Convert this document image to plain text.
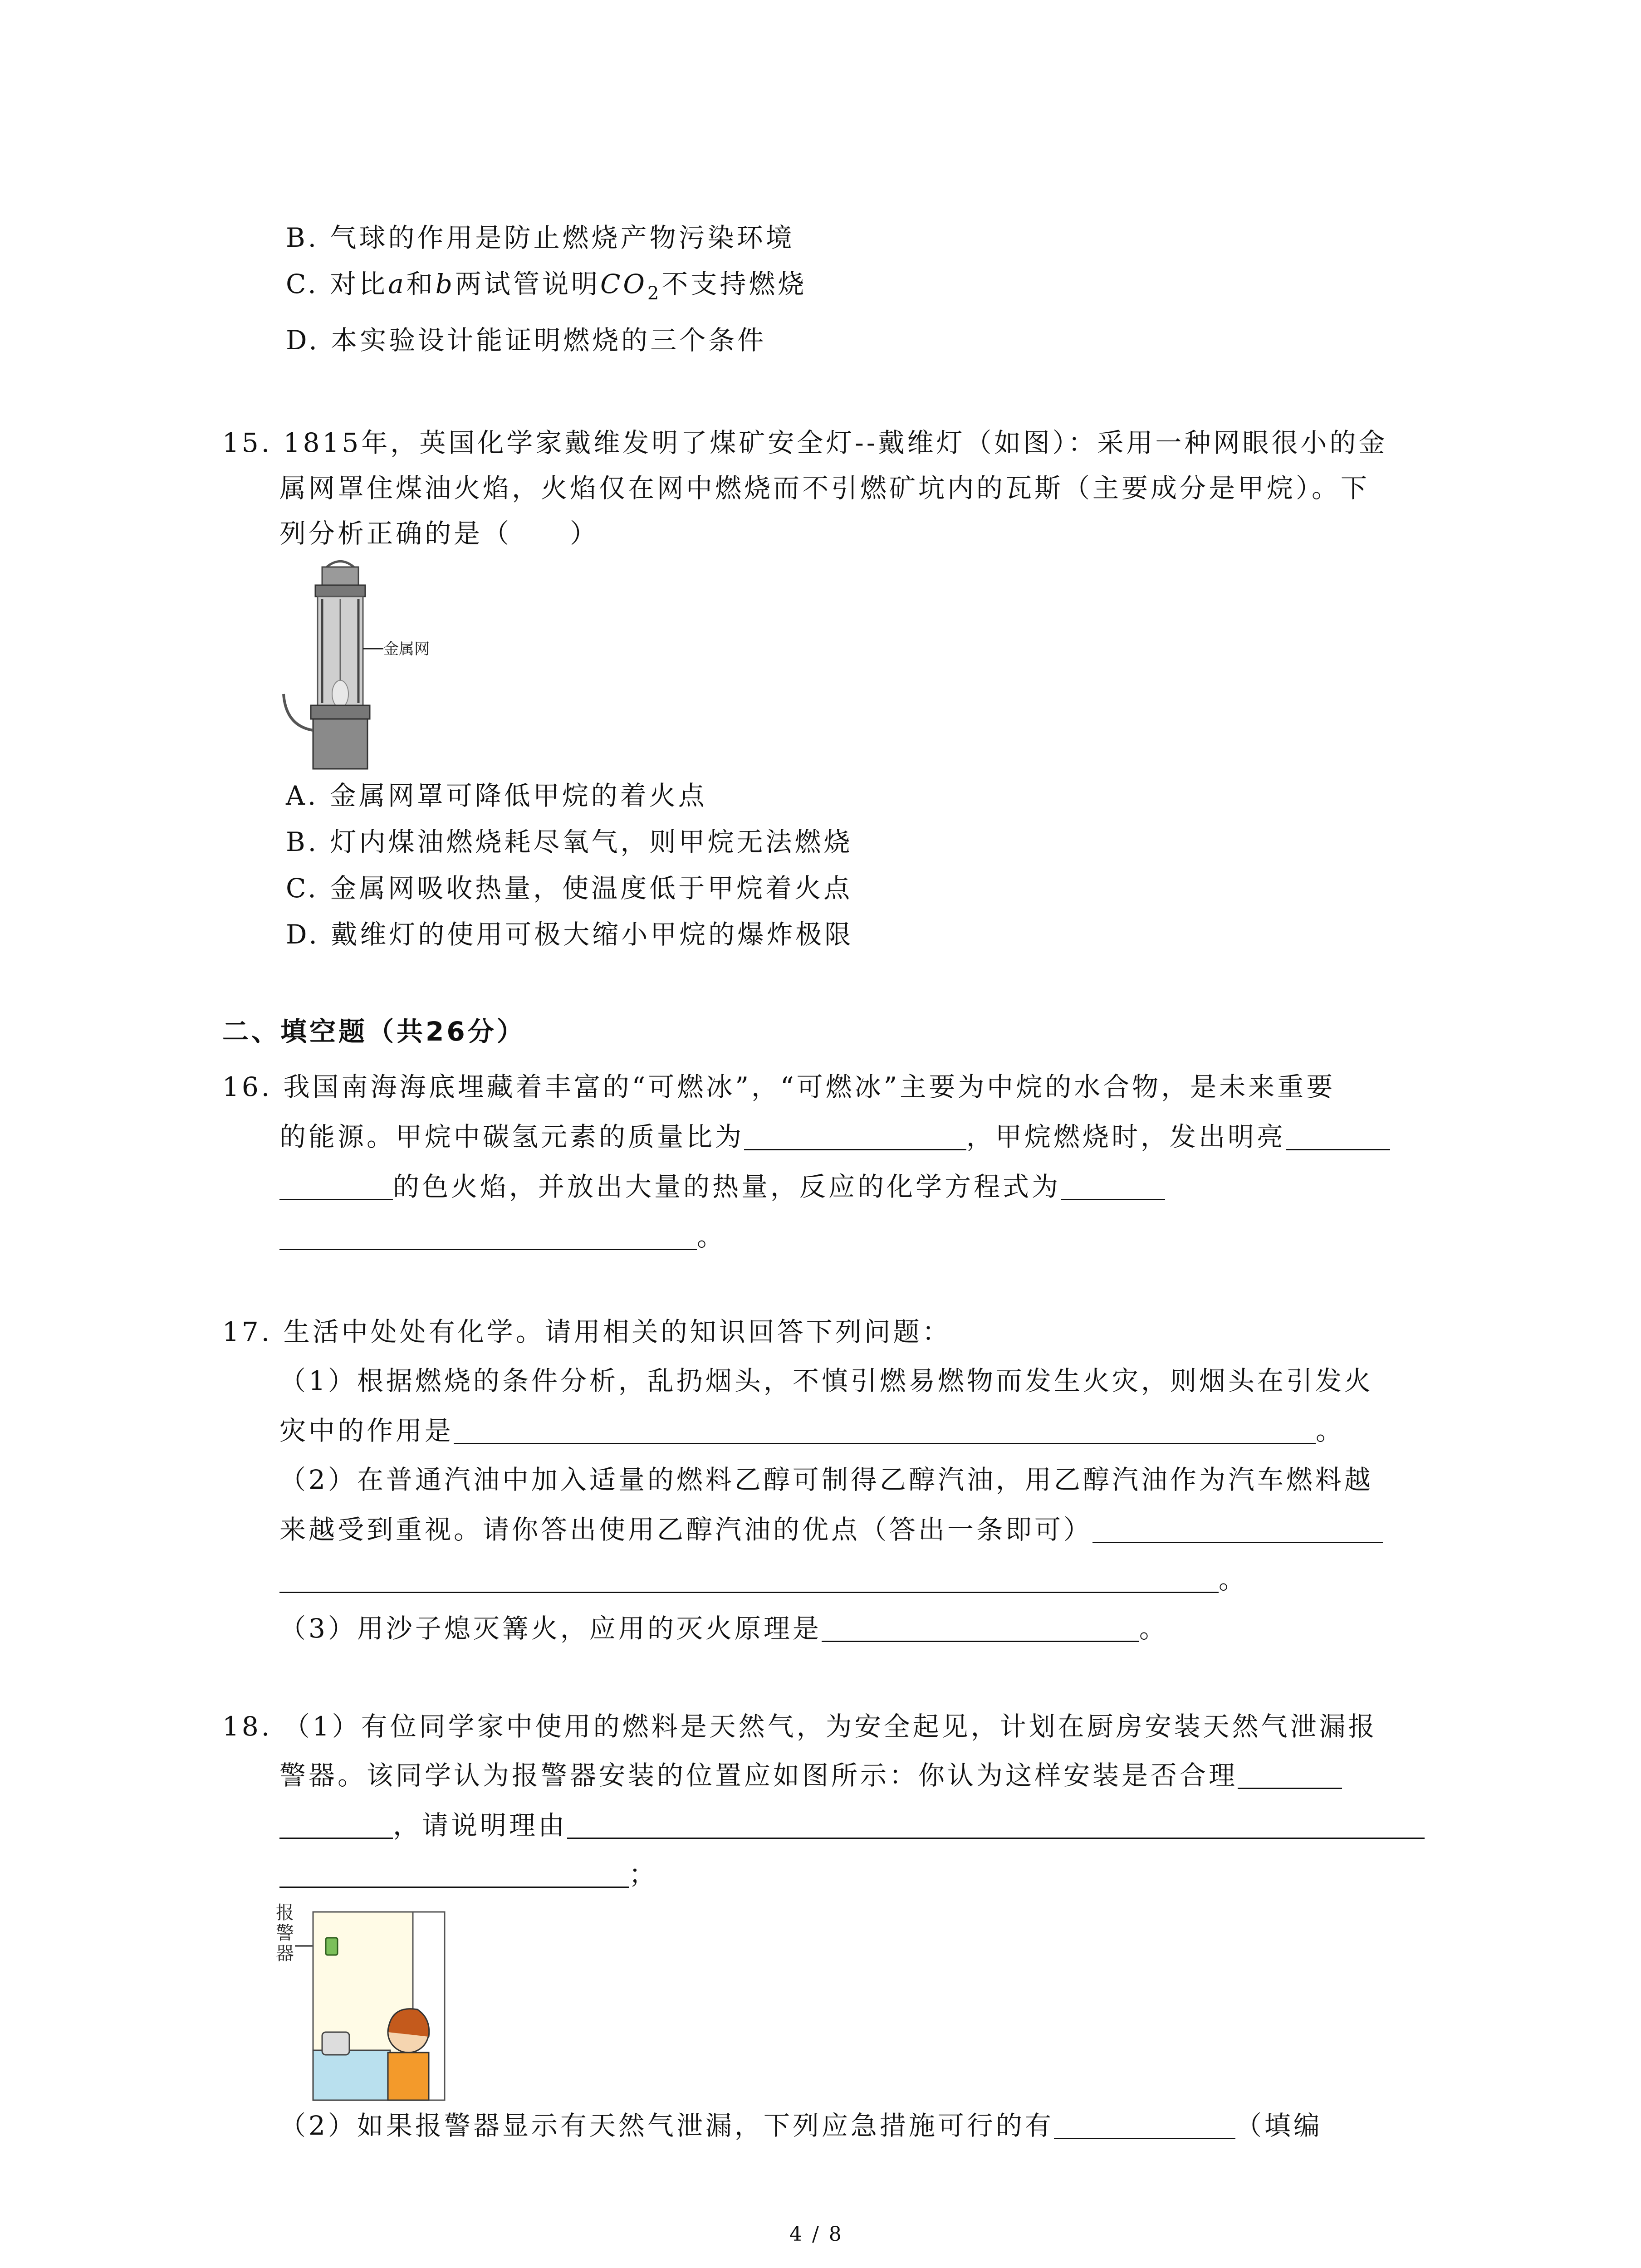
B. 气球的作用是防止燃烧产物污染环境
C. 对比a和b两试管说明$CO_2$不支持燃烧
D. 本实验设计能证明燃烧的三个条件
15. 1815年，英国化学家戴维发明了煤矿安全灯--戴维灯（如图）：采用一种网眼很小的金
属网罩住煤油火焰，火焰仅在网中燃烧而不引燃矿坑内的瓦斯（主要成分是甲烷）。下
列分析正确的是（　　）
金属网
A. 金属网罩可降低甲烷的着火点
B. 灯内煤油燃烧耗尽氧气，则甲烷无法燃烧
C. 金属网吸收热量，使温度低于甲烷着火点
D. 戴维灯的使用可极大缩小甲烷的爆炸极限
二、填空题（共26分）
16. 我国南海海底埋藏着丰富的“可燃冰”，“可燃冰”主要为中烷的水合物，是未来重要
的能源。甲烷中碳氢元素的质量比为	，甲烷燃烧时，发出明亮
的色火焰，并放出大量的热量，反应的化学方程式为
。
17. 生活中处处有化学。请用相关的知识回答下列问题：
（1）根据燃烧的条件分析，乱扔烟头，不慎引燃易燃物而发生火灾，则烟头在引发火
灾中的作用是	。
（2）在普通汽油中加入适量的燃料乙醇可制得乙醇汽油，用乙醇汽油作为汽车燃料越
来越受到重视。请你答出使用乙醇汽油的优点（答出一条即可）
。
（3）用沙子熄灭篝火，应用的灭火原理是	。
18. （1）有位同学家中使用的燃料是天然气，为安全起见，计划在厨房安装天然气泄漏报
警器。该同学认为报警器安装的位置应如图所示：你认为这样安装是否合理
，请说明理由
；
报 警 器
（2）如果报警器显示有天然气泄漏，下列应急措施可行的有	（填编
4 / 8
